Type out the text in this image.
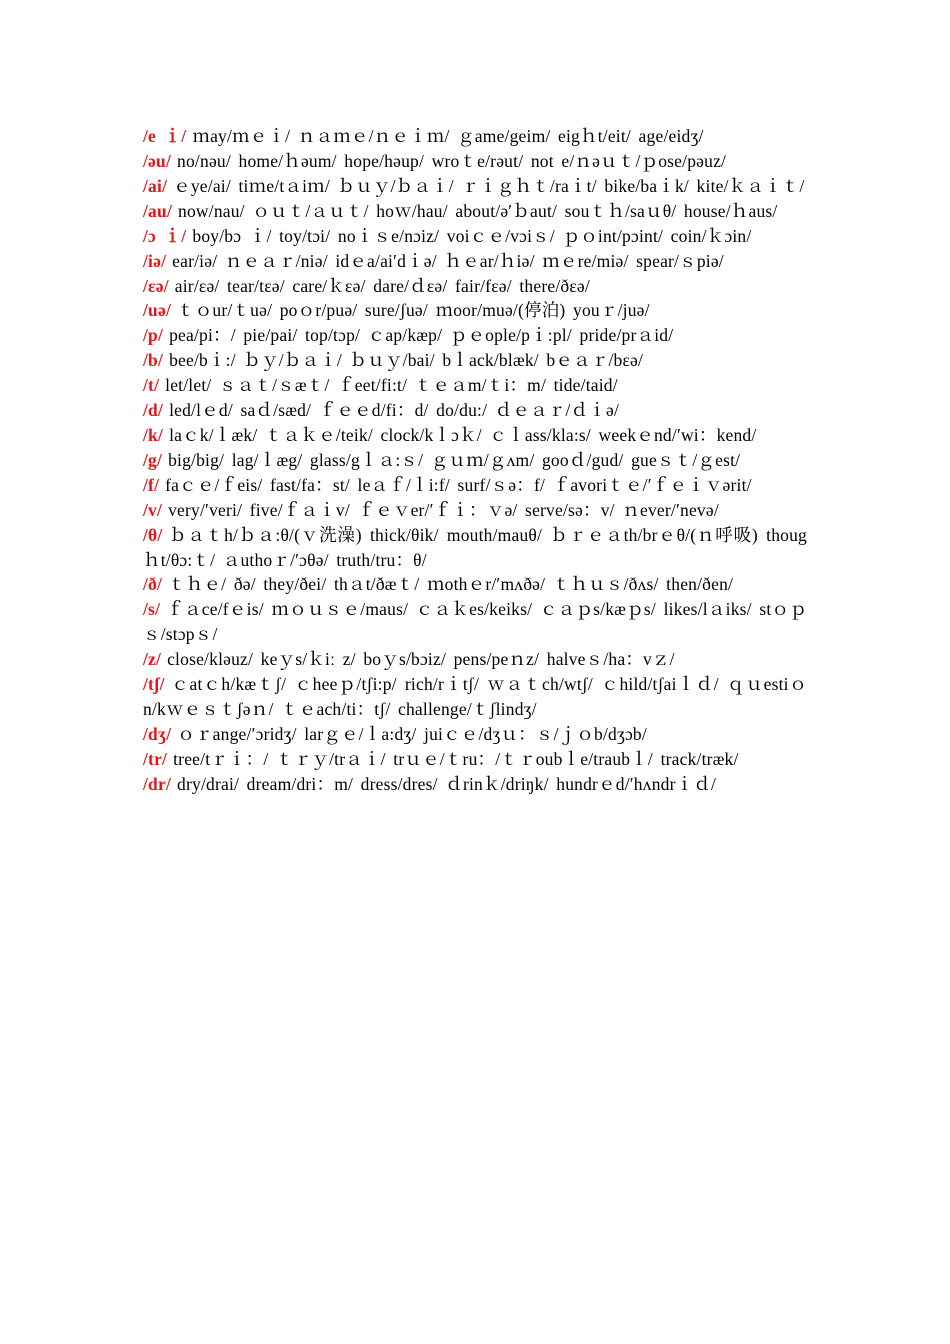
/e ｉ/ ｍay/ｍｅｉ/ ｎａｍｅ/ｎｅｉｍ/ ｇame/geim/ eigｈt/eit/ age/eidʒ/

/əu/ no/nəu/ home/ｈəum/ hope/həup/ wroｔe/rəut/ not e/ｎəｕｔ/ｐose/pəuz/

/ai/ ｅye/ai/ tiｍe/tａiｍ/ ｂｕｙ/ｂａｉ/ ｒｉｇｈｔ/raｉt/ bike/baｉk/ kite/ｋａｉｔ/

/au/ now/nau/ ｏｕｔ/ａｕｔ/ hoｗ/hau/ about/ə′ｂaut/ souｔｈ/saｕθ/ house/ｈaus/

/ɔ ｉ/ boy/bɔ ｉ/ toy/tɔi/ noｉｓe/nɔiz/ voiｃｅ/vɔiｓ/ ｐｏint/pɔint/ coin/ｋɔin/

/iə/ ear/iə/ ｎｅａｒ/niə/ idｅa/ai′dｉə/ ｈｅar/ｈiə/ ｍｅre/miə/ spear/ｓpiə/

/εə/ air/εə/ tear/tεə/ care/ｋεə/ dare/ｄεə/ fair/fεə/ there/ðεə/

/uə/ ｔｏur/ｔuə/ poｏr/puə/ sure/ʃuə/ ｍoor/muə/(停泊) youｒ/juə/

/p/ pea/pi：/ pie/pai/ top/tɔp/ ｃap/kæp/ ｐｅople/pｉ:pl/ pride/prａid/

/b/ bee/bｉ:/ ｂｙ/ｂａｉ/ ｂｕｙ/bai/ bｌack/blæk/ bｅａｒ/bεə/

/t/ let/let/ ｓａｔ/ｓæｔ/ ｆeet/fi:t/ ｔｅａm/ｔi：m/ tide/taid/

/d/ led/lｅd/ saｄ/sæd/ ｆｅｅd/fi：d/ do/du:/ ｄｅａｒ/ｄｉə/

/k/ laｃk/ｌæk/ ｔａｋｅ/teik/ clock/kｌɔｋ/ ｃｌass/kla:s/ weekｅnd/′wi：kend/

/g/ big/big/ lag/ｌæg/ glass/gｌａ:ｓ/ ｇｕｍ/ｇʌm/ gooｄ/gud/ gueｓｔ/ｇest/

/f/ faｃｅ/ｆeis/ fast/fa：st/ leａｆ/ｌi:f/ surf/ｓə：f/ ｆavoriｔｅ/′ｆｅｉｖərit/

/v/ very/′veri/ five/ｆａｉv/ ｆｅｖer/′ｆｉ：ｖə/ serve/sə：v/ ｎever/′nevə/

/θ/ ｂａｔh/ｂａ:θ/(ｖ洗澡) thick/θik/ mouth/mauθ/ ｂｒｅａth/brｅθ/(ｎ呼吸) thougｈt/θɔ:ｔ/ ａuthoｒ/′ɔθə/ truth/tru：θ/

/ð/ ｔｈｅ/ ðə/ they/ðei/ thａt/ðæｔ/ ｍothｅr/′mʌðə/ ｔｈｕｓ/ðʌs/ then/ðen/

/s/ ｆａce/fｅis/ ｍｏｕｓｅ/maus/ ｃａｋes/keiks/ ｃａｐs/kæｐs/ likes/lａiks/ stｏｐｓ/stɔpｓ/

/z/ close/kləuz/ keｙs/ｋiː z/ boｙs/bɔiz/ pens/peｎz/ halveｓ/ha：vｚ/

/tʃ/ ｃatｃh/kæｔʃ/ ｃheeｐ/tʃi:p/ rich/rｉtʃ/ ｗａｔch/wtʃ/ ｃhild/tʃaiｌｄ/ ｑｕestiｏn/kｗｅｓｔʃəｎ/ ｔｅach/ti：tʃ/ challenge/ｔʃlindʒ/

/dʒ/ ｏｒange/′ɔridʒ/ larｇｅ/ｌa:dʒ/ juiｃｅ/dʒｕ：ｓ/ｊｏb/dʒɔb/

/tr/ tree/tｒｉ：/ ｔｒｙ/trａｉ/ trｕｅ/ｔru：/ｔｒoubｌe/traubｌ/ track/træk/

/dr/ dry/drai/ dream/dri：m/ dress/dres/ ｄrinｋ/driŋk/ hundrｅd/′hʌndrｉｄ/
